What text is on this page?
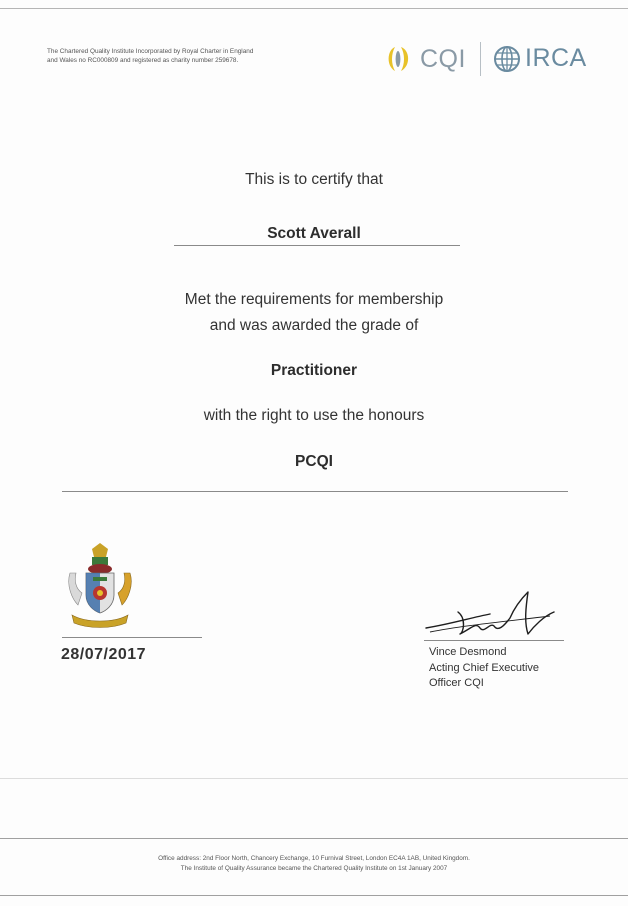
The Chartered Quality Institute Incorporated by Royal Charter in England
and Wales no RC000809 and registered as charity number 259678.	CQI IRCA
This is to certify that
Scott Averall
Met the requirements for membership
and was awarded the grade of
Practitioner
with the right to use the honours
PCQI
28/07/2017	Vince Desmond
Acting Chief Executive
Officer CQI
Office address: 2nd Floor North, Chancery Exchange, 10 Furnival Street, London EC4A 1AB, United Kingdom.
The Institute of Quality Assurance became the Chartered Quality Institute on 1st January 2007
